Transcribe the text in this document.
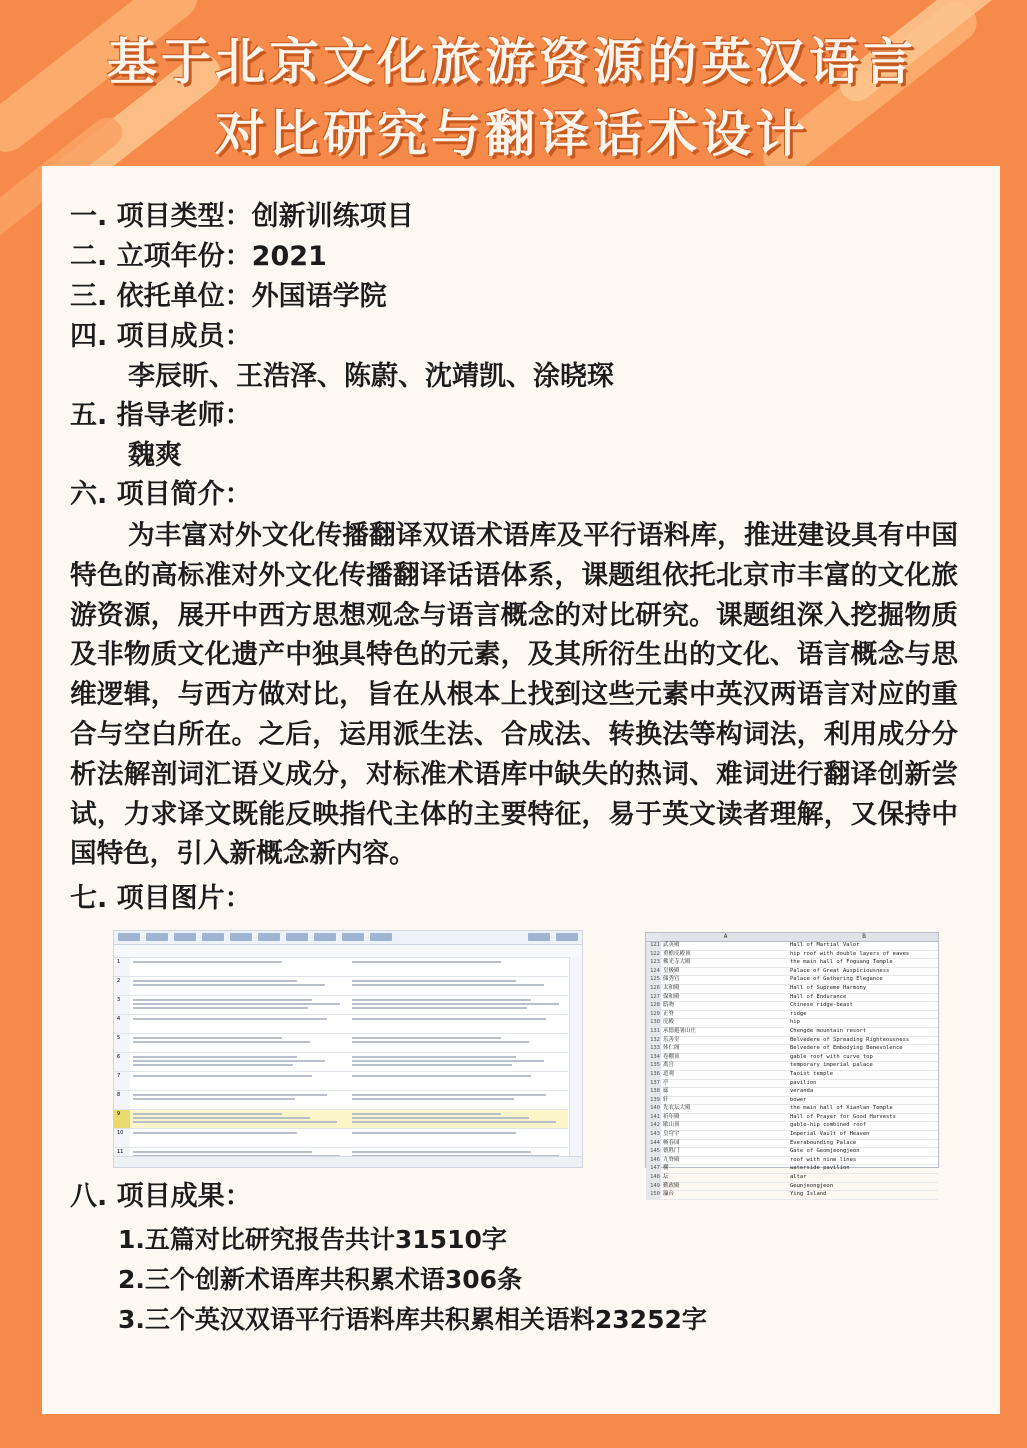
基于北京文化旅游资源的英汉语言
对比研究与翻译话术设计
一. 项目类型：创新训练项目
二. 立项年份：2021
三. 依托单位：外国语学院
四. 项目成员：
李辰昕、王浩泽、陈蔚、沈靖凯、涂晓琛
五. 指导老师：
魏爽
六. 项目简介：

为丰富对外文化传播翻译双语术语库及平行语料库，推进建设具有中国特色的高标准对外文化传播翻译话语体系，课题组依托北京市丰富的文化旅游资源，展开中西方思想观念与语言概念的对比研究。课题组深入挖掘物质及非物质文化遗产中独具特色的元素，及其所衍生出的文化、语言概念与思维逻辑，与西方做对比，旨在从根本上找到这些元素中英汉两语言对应的重合与空白所在。之后，运用派生法、合成法、转换法等构词法，利用成分分析法解剖词汇语义成分，对标准术语库中缺失的热词、难词进行翻译创新尝试，力求译文既能反映指代主体的主要特征，易于英文读者理解，又保持中国特色，引入新概念新内容。

七. 项目图片：
1	

2	

3	

4	

5	

6	

7	

8	

9	

10	

11	

A	B
121 武英殿	Hall of Martial Valor
122 重檐庑殿顶	hip roof with double layers of eaves
123 佛光寺大殿	the main hall of Foguang Temple
124 皇极殿	Palace of Great Auspiciousness
125 储秀宫	Palace of Gathering Elegance
126 太和殿	Hall of Supreme Harmony
127 保和殿	Hall of Endurance
128 鸱吻	Chinese ridge-beast
129 正脊	ridge
130 庑殿	hip
131 承德避暑山庄	Chengde mountain resort
132 乐善堂	Belvedere of Spreading Righteousness
133 体仁阁	Belvedere of Embodying Benevolence
134 卷棚顶	gable roof with curve top
135 离宫	temporary imperial palace
136 道观	Taoist temple
137 亭	pavilion
138 廊	veranda
139 轩	bower
140 先农坛大殿	the main hall of Xianlan Temple
141 祈年殿	Hall of Prayer for Good Harvests
142 歇山顶	gable-hip combined roof
143 皇穹宇	Imperial Vault of Heaven
144 畅春园	Everabounding Palace
145 德胜门	Gate of Geomjeongjeon
146 九脊殿	roof with nine lines
147 榭	waterside pavilion
148 坛	altar
149 勤政殿	Geunjeongjeon
150 瀛台	Ying Island
八. 项目成果：
1.五篇对比研究报告共计31510字
2.三个创新术语库共积累术语306条
3.三个英汉双语平行语料库共积累相关语料23252字
